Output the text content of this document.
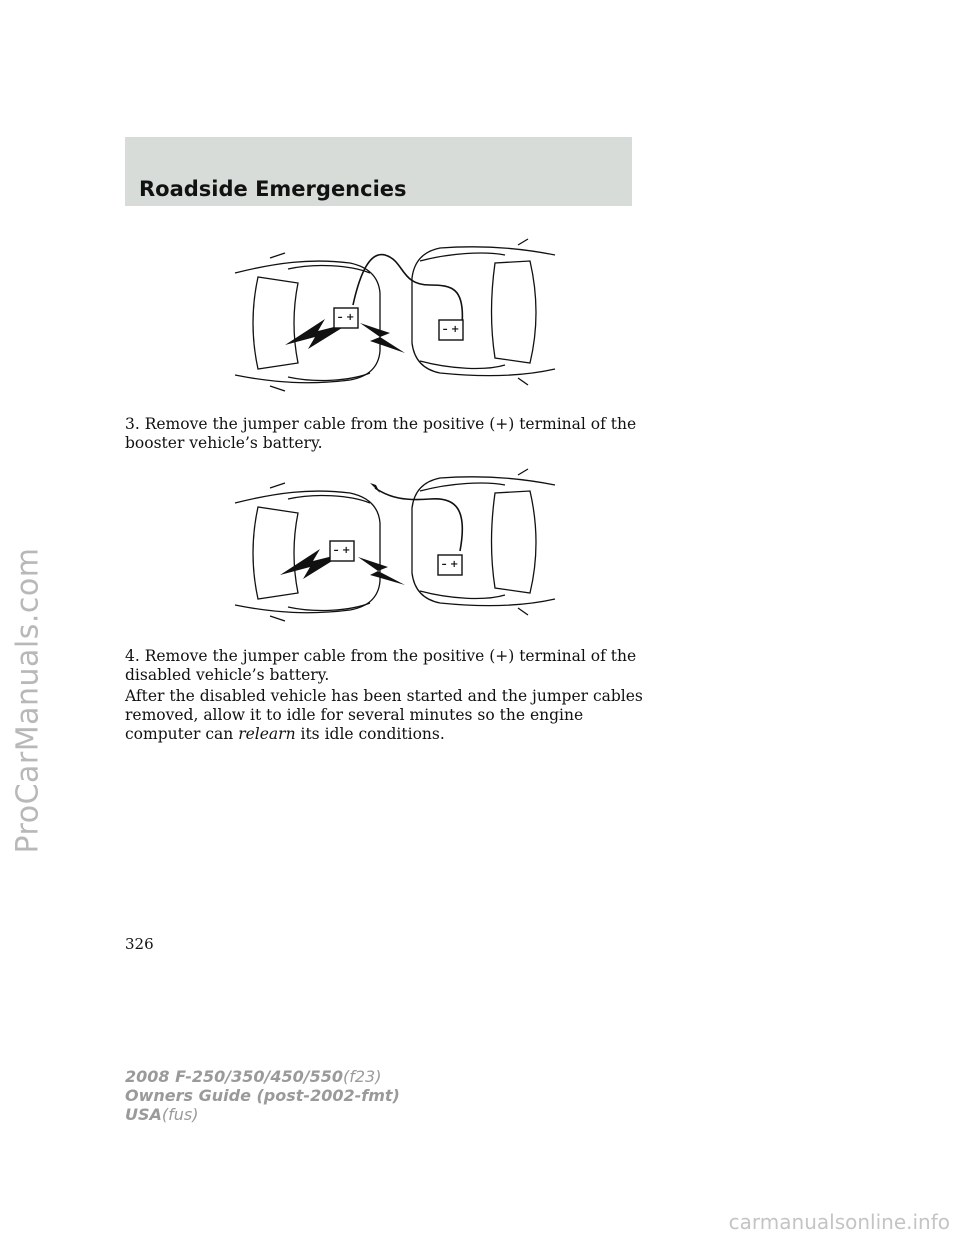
ProCarManuals.com
Roadside Emergencies
– +
– +

3. Remove the jumper cable from the positive (+) terminal of the booster vehicle’s battery.

– +
– +

4. Remove the jumper cable from the positive (+) terminal of the disabled vehicle’s battery.

After the disabled vehicle has been started and the jumper cables removed, allow it to idle for several minutes so the engine computer can relearn its idle conditions.

326

2008 F-250/350/450/550(f23)
Owners Guide (post-2002-fmt)
USA(fus)

carmanualsonline.info
